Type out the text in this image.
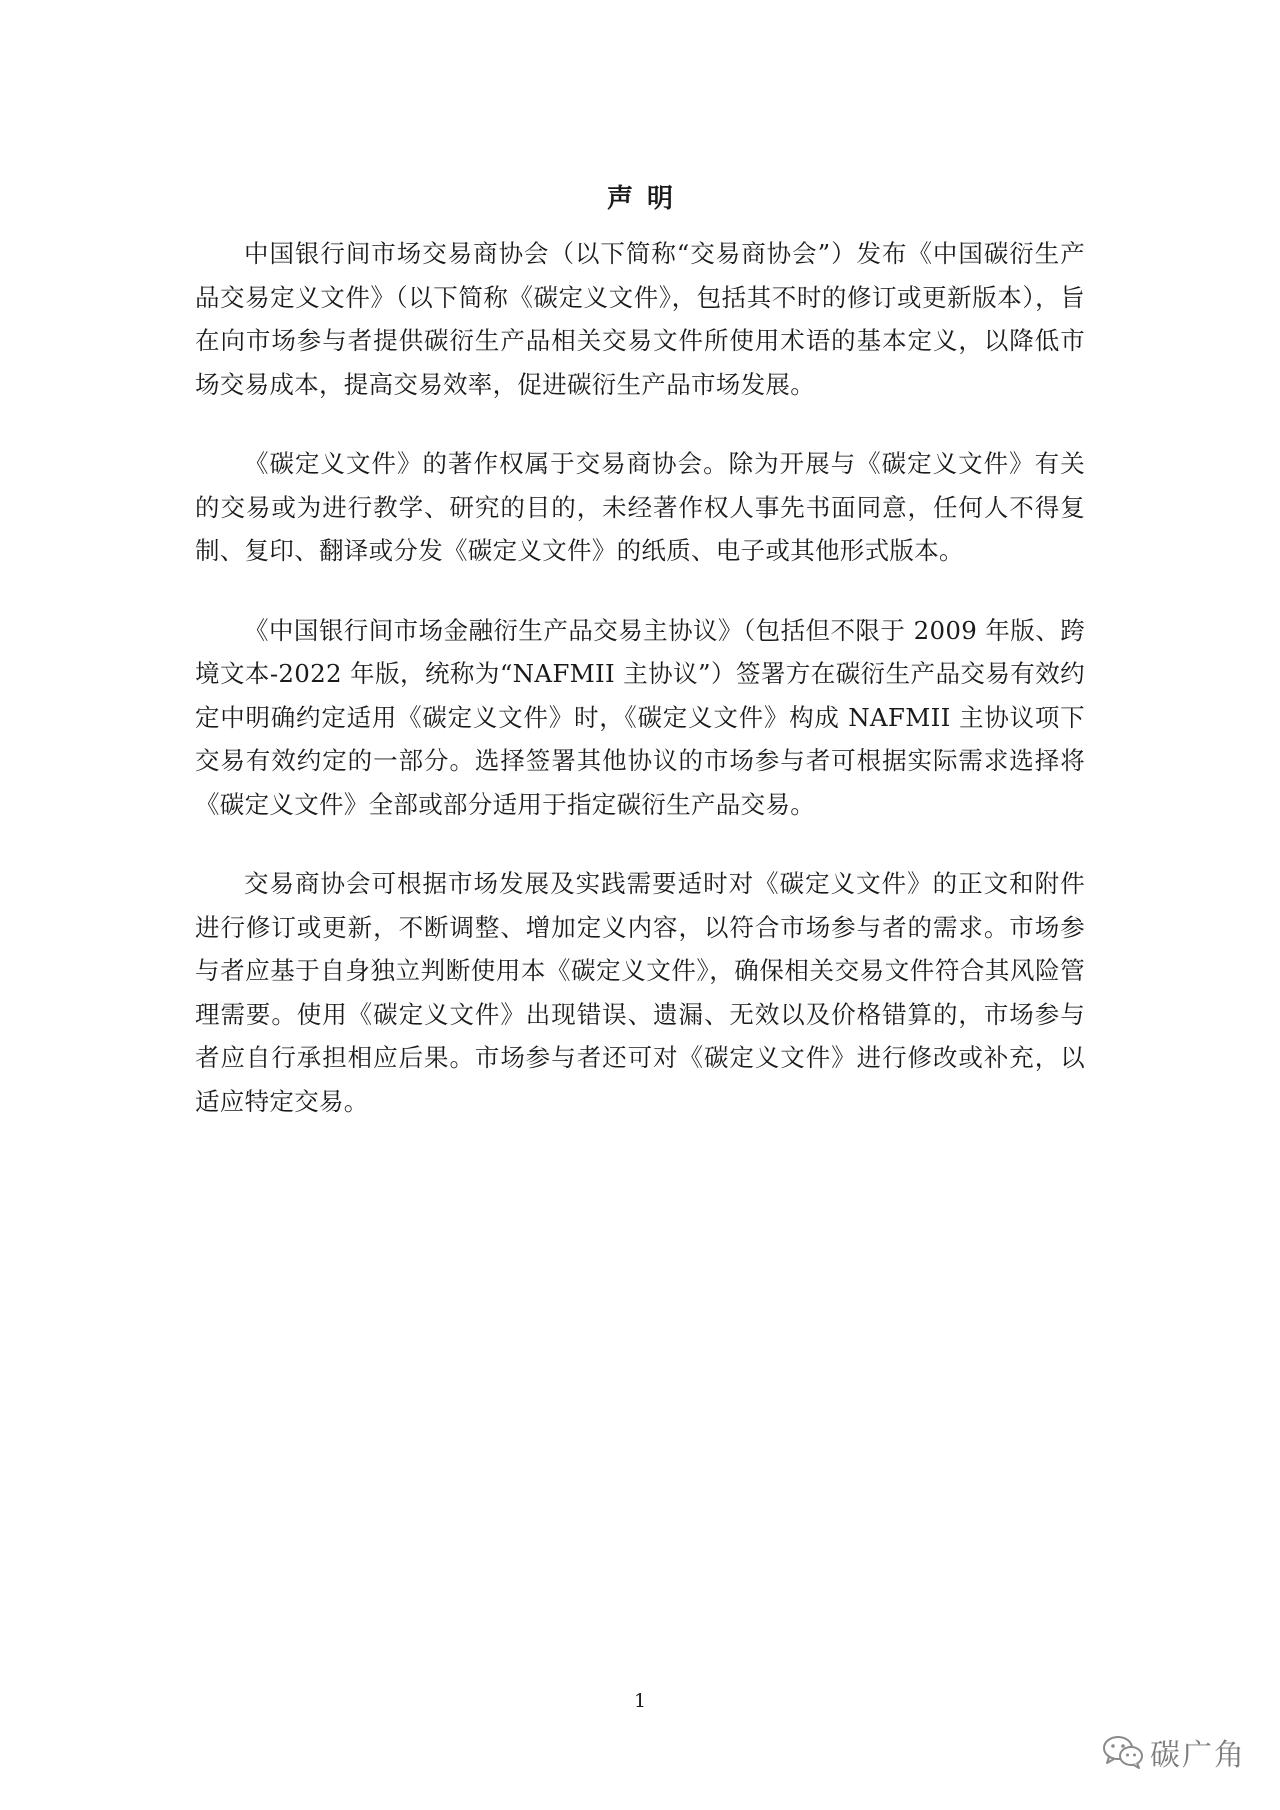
声明

中国银行间市场交易商协会（以下简称“交易商协会”）发布《中国碳衍生产品交易定义文件》（以下简称《碳定义文件》，包括其不时的修订或更新版本），旨在向市场参与者提供碳衍生产品相关交易文件所使用术语的基本定义，以降低市场交易成本，提高交易效率，促进碳衍生产品市场发展。

《碳定义文件》的著作权属于交易商协会。除为开展与《碳定义文件》有关的交易或为进行教学、研究的目的，未经著作权人事先书面同意，任何人不得复制、复印、翻译或分发《碳定义文件》的纸质、电子或其他形式版本。

《中国银行间市场金融衍生产品交易主协议》（包括但不限于 2009 年版、跨境文本-2022 年版，统称为“NAFMII 主协议”）签署方在碳衍生产品交易有效约定中明确约定适用《碳定义文件》时，《碳定义文件》构成 NAFMII 主协议项下交易有效约定的一部分。选择签署其他协议的市场参与者可根据实际需求选择将《碳定义文件》全部或部分适用于指定碳衍生产品交易。

交易商协会可根据市场发展及实践需要适时对《碳定义文件》的正文和附件进行修订或更新，不断调整、增加定义内容，以符合市场参与者的需求。市场参与者应基于自身独立判断使用本《碳定义文件》，确保相关交易文件符合其风险管理需要。使用《碳定义文件》出现错误、遗漏、无效以及价格错算的，市场参与者应自行承担相应后果。市场参与者还可对《碳定义文件》进行修改或补充，以适应特定交易。

1

碳广角
